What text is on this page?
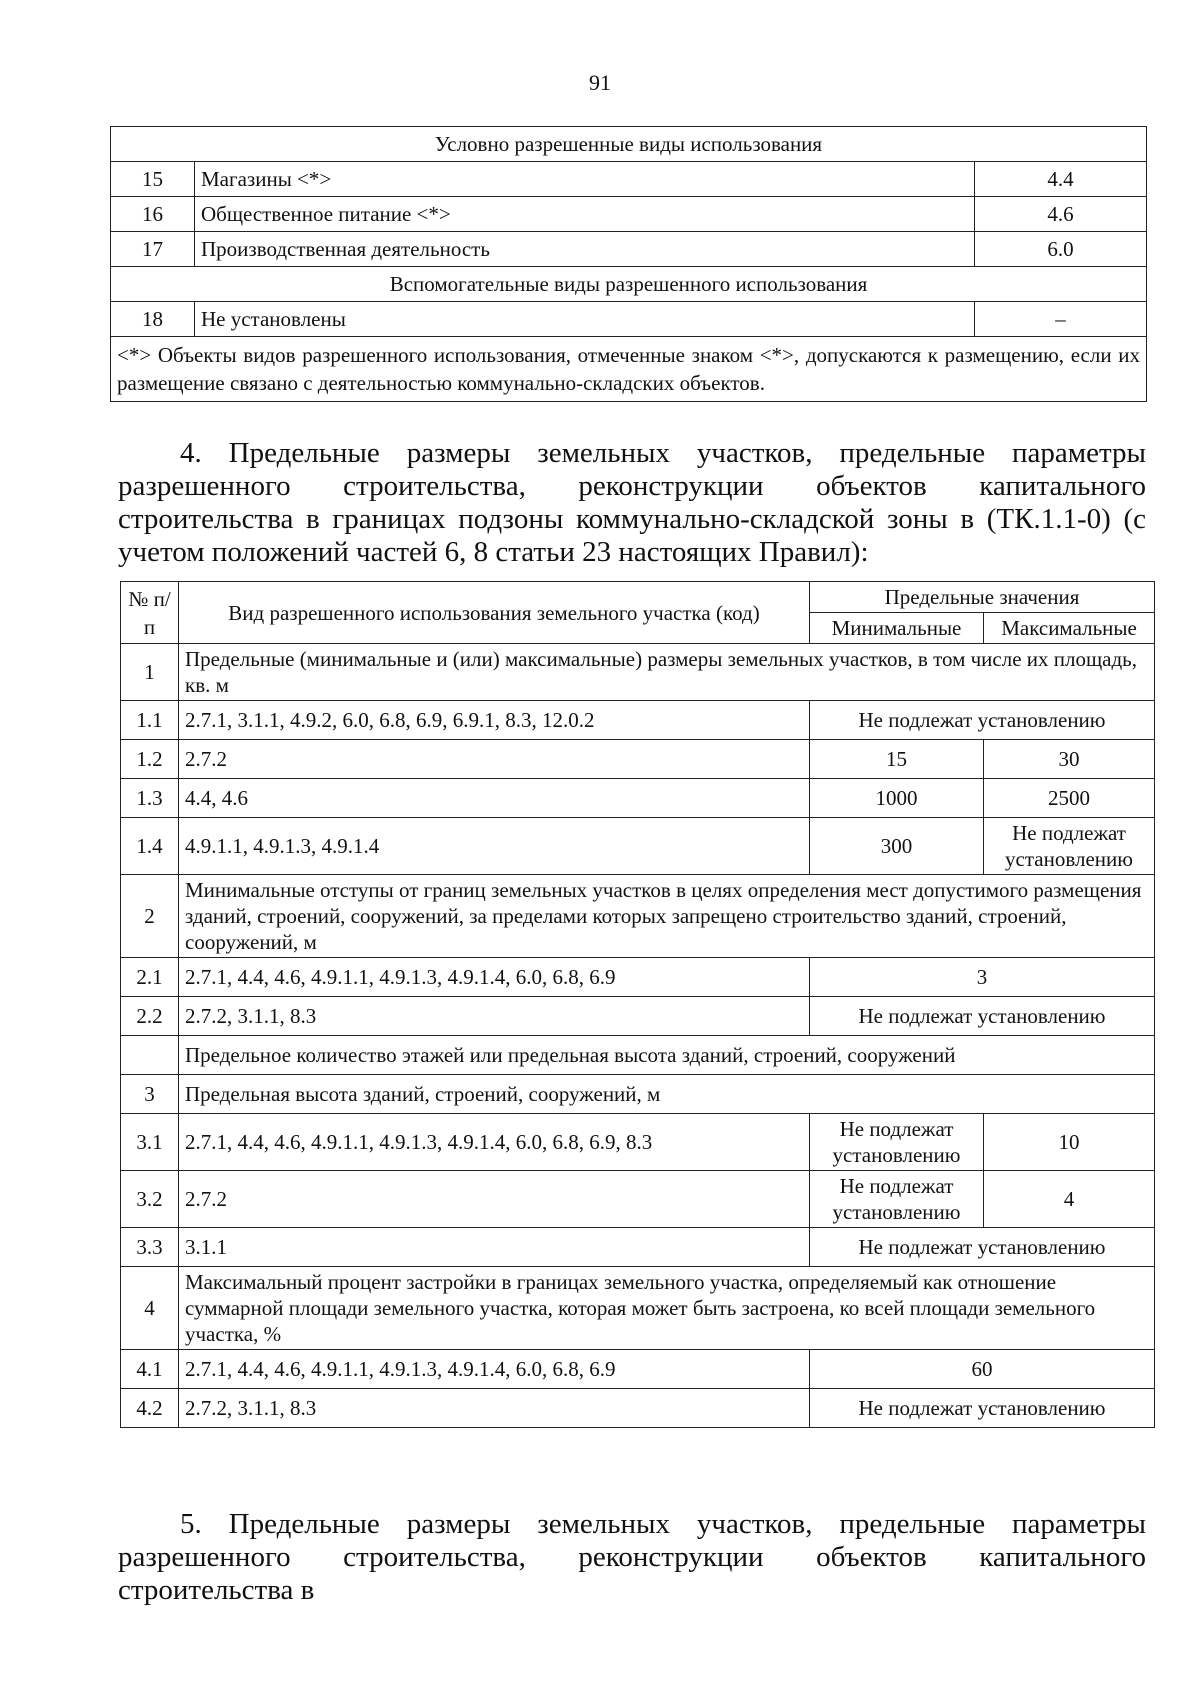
91
Условно разрешенные виды использования		
15	Магазины <*>	4.4
16	Общественное питание <*>	4.6
17	Производственная деятельность	6.0
Вспомогательные виды разрешенного использования		
18	Не установлены	–
<*> Объекты видов разрешенного использования, отмеченные знаком <*>, допускаются к размещению, если их размещение связано с деятельностью коммунально-складских объектов.		
4. Предельные размеры земельных участков, предельные параметры разрешенного строительства, реконструкции объектов капитального строительства в границах подзоны коммунально-складской зоны в (ТК.1.1-0) (с учетом положений частей 6, 8 статьи 23 настоящих Правил):
№ п/п	Вид разрешенного использования земельного участка (код)	Предельные значения	
		Минимальные	Максимальные
1	Предельные (минимальные и (или) максимальные) размеры земельных участков, в том числе их площадь, кв. м		
1.1	2.7.1, 3.1.1, 4.9.2, 6.0, 6.8, 6.9, 6.9.1, 8.3, 12.0.2	Не подлежат установлению	
1.2	2.7.2	15	30
1.3	4.4, 4.6	1000	2500
1.4	4.9.1.1, 4.9.1.3, 4.9.1.4	300	Не подлежат установлению
2	Минимальные отступы от границ земельных участков в целях определения мест допустимого размещения зданий, строений, сооружений, за пределами которых запрещено строительство зданий, строений, сооружений, м		
2.1	2.7.1, 4.4, 4.6, 4.9.1.1, 4.9.1.3, 4.9.1.4, 6.0, 6.8, 6.9	3	
2.2	2.7.2, 3.1.1, 8.3	Не подлежат установлению	
	Предельное количество этажей или предельная высота зданий, строений, сооружений		
3	Предельная высота зданий, строений, сооружений, м		
3.1	2.7.1, 4.4, 4.6, 4.9.1.1, 4.9.1.3, 4.9.1.4, 6.0, 6.8, 6.9, 8.3	Не подлежат установлению	10
3.2	2.7.2	Не подлежат установлению	4
3.3	3.1.1	Не подлежат установлению	
4	Максимальный процент застройки в границах земельного участка, определяемый как отношение суммарной площади земельного участка, которая может быть застроена, ко всей площади земельного участка, %		
4.1	2.7.1, 4.4, 4.6, 4.9.1.1, 4.9.1.3, 4.9.1.4, 6.0, 6.8, 6.9	60	
4.2	2.7.2, 3.1.1, 8.3	Не подлежат установлению	
5. Предельные размеры земельных участков, предельные параметры разрешенного строительства, реконструкции объектов капитального строительства в
